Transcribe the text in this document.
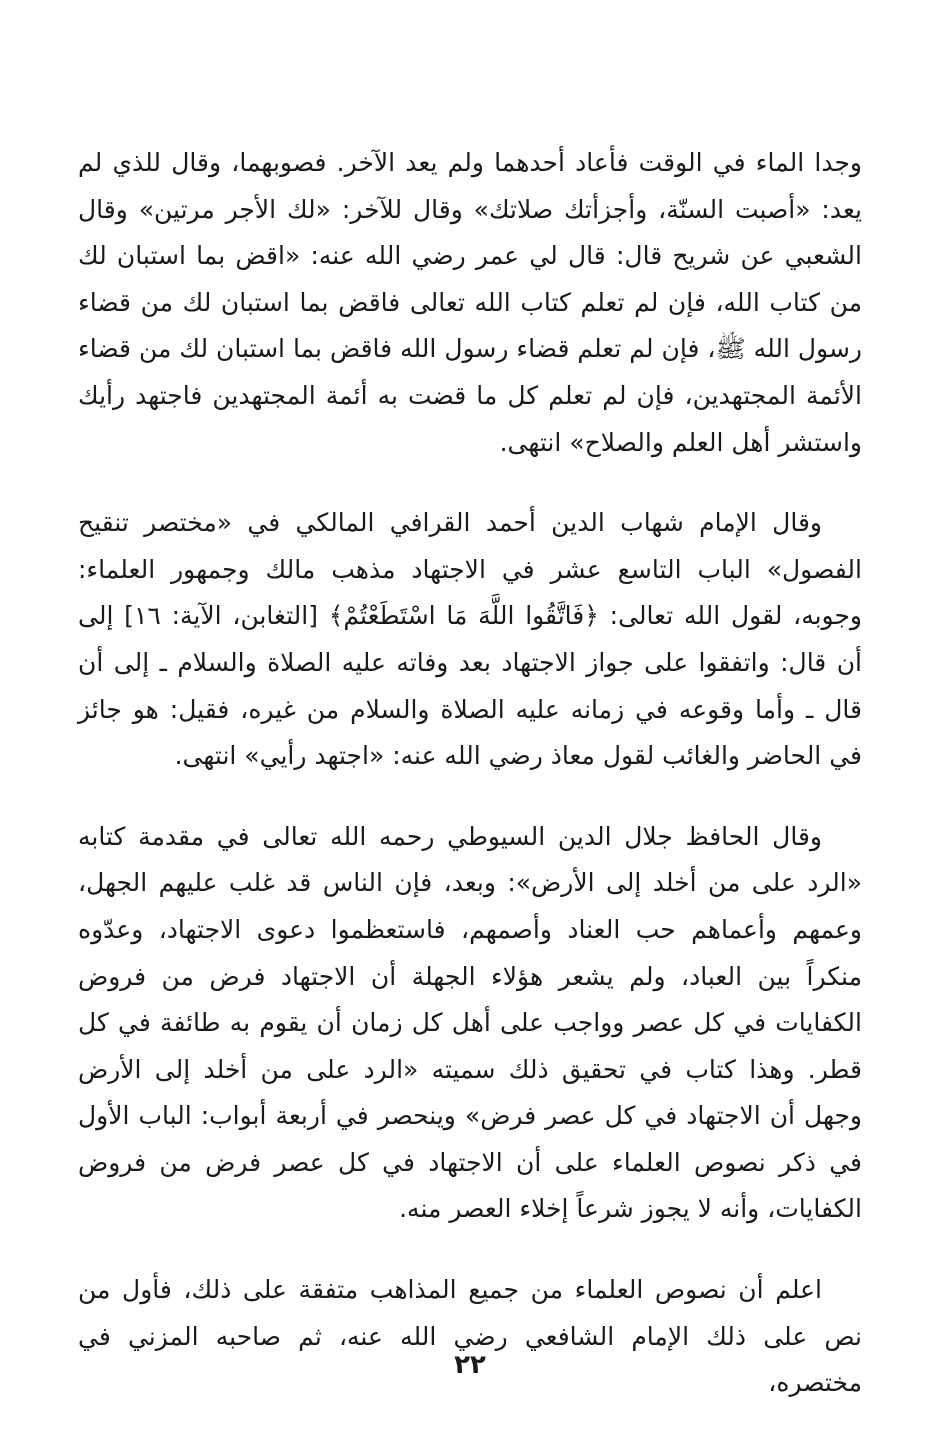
وجدا الماء في الوقت فأعاد أحدهما ولم يعد الآخر. فصوبهما، وقال للذي لم يعد: «أصبت السنّة، وأجزأتك صلاتك» وقال للآخر: «لك الأجر مرتين» وقال الشعبي عن شريح قال: قال لي عمر رضي الله عنه: «اقض بما استبان لك من كتاب الله، فإن لم تعلم كتاب الله تعالى فاقض بما استبان لك من قضاء رسول الله ﷺ، فإن لم تعلم قضاء رسول الله فاقض بما استبان لك من قضاء الأئمة المجتهدين، فإن لم تعلم كل ما قضت به أئمة المجتهدين فاجتهد رأيك واستشر أهل العلم والصلاح» انتهى.

وقال الإمام شهاب الدين أحمد القرافي المالكي في «مختصر تنقيح الفصول» الباب التاسع عشر في الاجتهاد مذهب مالك وجمهور العلماء: وجوبه، لقول الله تعالى: ﴿فَاتَّقُوا اللَّهَ مَا اسْتَطَعْتُمْ﴾ [التغابن، الآية: ١٦] إلى أن قال: واتفقوا على جواز الاجتهاد بعد وفاته عليه الصلاة والسلام ـ إلى أن قال ـ وأما وقوعه في زمانه عليه الصلاة والسلام من غيره، فقيل: هو جائز في الحاضر والغائب لقول معاذ رضي الله عنه: «اجتهد رأيي» انتهى.

وقال الحافظ جلال الدين السيوطي رحمه الله تعالى في مقدمة كتابه «الرد على من أخلد إلى الأرض»: وبعد، فإن الناس قد غلب عليهم الجهل، وعمهم وأعماهم حب العناد وأصمهم، فاستعظموا دعوى الاجتهاد، وعدّوه منكراً بين العباد، ولم يشعر هؤلاء الجهلة أن الاجتهاد فرض من فروض الكفايات في كل عصر وواجب على أهل كل زمان أن يقوم به طائفة في كل قطر. وهذا كتاب في تحقيق ذلك سميته «الرد على من أخلد إلى الأرض وجهل أن الاجتهاد في كل عصر فرض» وينحصر في أربعة أبواب: الباب الأول في ذكر نصوص العلماء على أن الاجتهاد في كل عصر فرض من فروض الكفايات، وأنه لا يجوز شرعاً إخلاء العصر منه.

اعلم أن نصوص العلماء من جميع المذاهب متفقة على ذلك، فأول من نص على ذلك الإمام الشافعي رضي الله عنه، ثم صاحبه المزني في مختصره،

٢٢
